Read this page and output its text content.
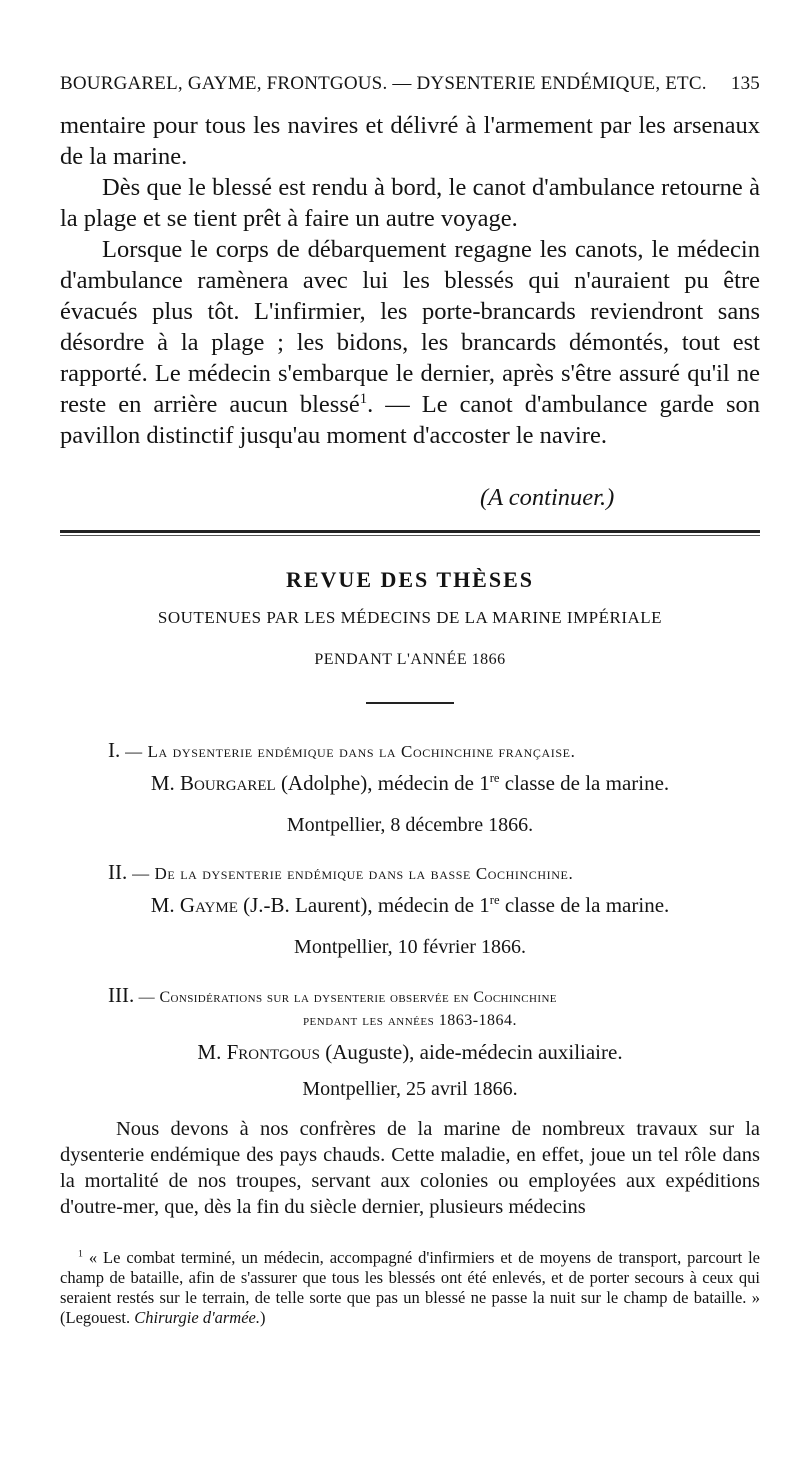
BOURGAREL, GAYME, FRONTGOUS. — DYSENTERIE ENDÉMIQUE, ETC. 135

mentaire pour tous les navires et délivré à l'armement par les arsenaux de la marine.

Dès que le blessé est rendu à bord, le canot d'ambulance retourne à la plage et se tient prêt à faire un autre voyage.

Lorsque le corps de débarquement regagne les canots, le médecin d'ambulance ramènera avec lui les blessés qui n'auraient pu être évacués plus tôt. L'infirmier, les porte-brancards reviendront sans désordre à la plage ; les bidons, les brancards démontés, tout est rapporté. Le médecin s'embarque le dernier, après s'être assuré qu'il ne reste en arrière aucun blessé$^1$. — Le canot d'ambulance garde son pavillon distinctif jusqu'au moment d'accoster le navire.

(A continuer.)
REVUE DES THÈSES
SOUTENUES PAR LES MÉDECINS DE LA MARINE IMPÉRIALE
PENDANT L'ANNÉE 1866
I. — La dysenterie endémique dans la Cochinchine française.
M. Bourgarel (Adolphe), médecin de 1re classe de la marine.
Montpellier, 8 décembre 1866.
II. — De la dysenterie endémique dans la basse Cochinchine.
M. Gayme (J.-B. Laurent), médecin de 1re classe de la marine.
Montpellier, 10 février 1866.
III. — Considérations sur la dysenterie observée en Cochinchine
pendant les années 1863-1864.
M. Frontgous (Auguste), aide-médecin auxiliaire.
Montpellier, 25 avril 1866.

Nous devons à nos confrères de la marine de nombreux travaux sur la dysenterie endémique des pays chauds. Cette maladie, en effet, joue un tel rôle dans la mortalité de nos troupes, servant aux colonies ou employées aux expéditions d'outre-mer, que, dès la fin du siècle dernier, plusieurs médecins

$^1$ « Le combat terminé, un médecin, accompagné d'infirmiers et de moyens de transport, parcourt le champ de bataille, afin de s'assurer que tous les blessés ont été enlevés, et de porter secours à ceux qui seraient restés sur le terrain, de telle sorte que pas un blessé ne passe la nuit sur le champ de bataille. » (Legouest. Chirurgie d'armée.)
